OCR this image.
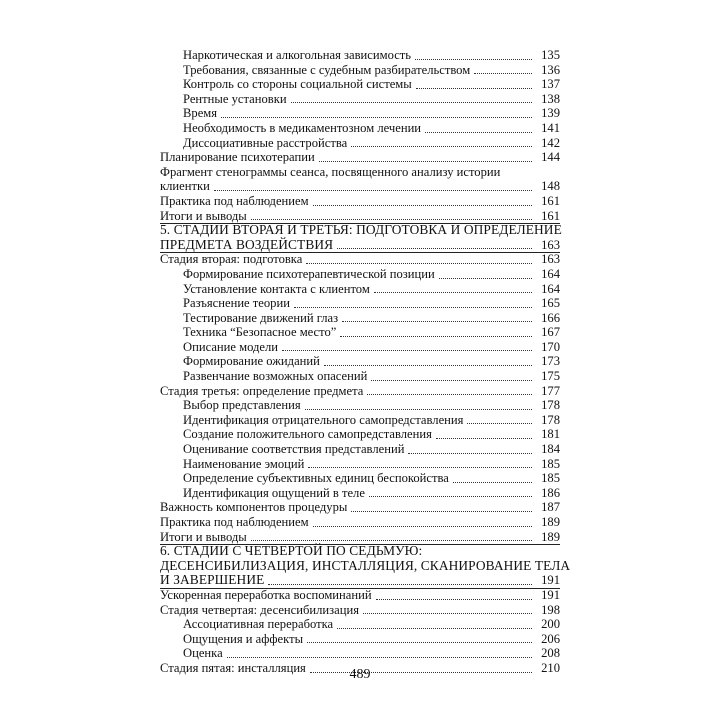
Наркотическая и алкогольная зависимость	135
Требования, связанные с судебным разбирательством	136
Контроль со стороны социальной системы	137
Рентные установки	138
Время	139
Необходимость в медикаментозном лечении	141
Диссоциативные расстройства	142
Планирование психотерапии	144
Фрагмент стенограммы сеанса, посвященного анализу истории
клиентки	148
Практика под наблюдением	161
Итоги и выводы	161
5. СТАДИИ ВТОРАЯ И ТРЕТЬЯ: ПОДГОТОВКА И ОПРЕДЕЛЕНИЕ
ПРЕДМЕТА ВОЗДЕЙСТВИЯ	163
Стадия вторая: подготовка	163
Формирование психотерапевтической позиции	164
Установление контакта с клиентом	164
Разъяснение теории	165
Тестирование движений глаз	166
Техника “Безопасное место”	167
Описание модели	170
Формирование ожиданий	173
Развенчание возможных опасений	175
Стадия третья: определение предмета	177
Выбор представления	178
Идентификация отрицательного самопредставления	178
Создание положительного самопредставления	181
Оценивание соответствия представлений	184
Наименование эмоций	185
Определение субъективных единиц беспокойства	185
Идентификация ощущений в теле	186
Важность компонентов процедуры	187
Практика под наблюдением	189
Итоги и выводы	189
6. СТАДИИ С ЧЕТВЕРТОЙ ПО СЕДЬМУЮ:
ДЕСЕНСИБИЛИЗАЦИЯ, ИНСТАЛЛЯЦИЯ, СКАНИРОВАНИЕ ТЕЛА
И ЗАВЕРШЕНИЕ	191
Ускоренная переработка воспоминаний	191
Стадия четвертая: десенсибилизация	198
Ассоциативная переработка	200
Ощущения и аффекты	206
Оценка	208
Стадия пятая: инсталляция	210
489
